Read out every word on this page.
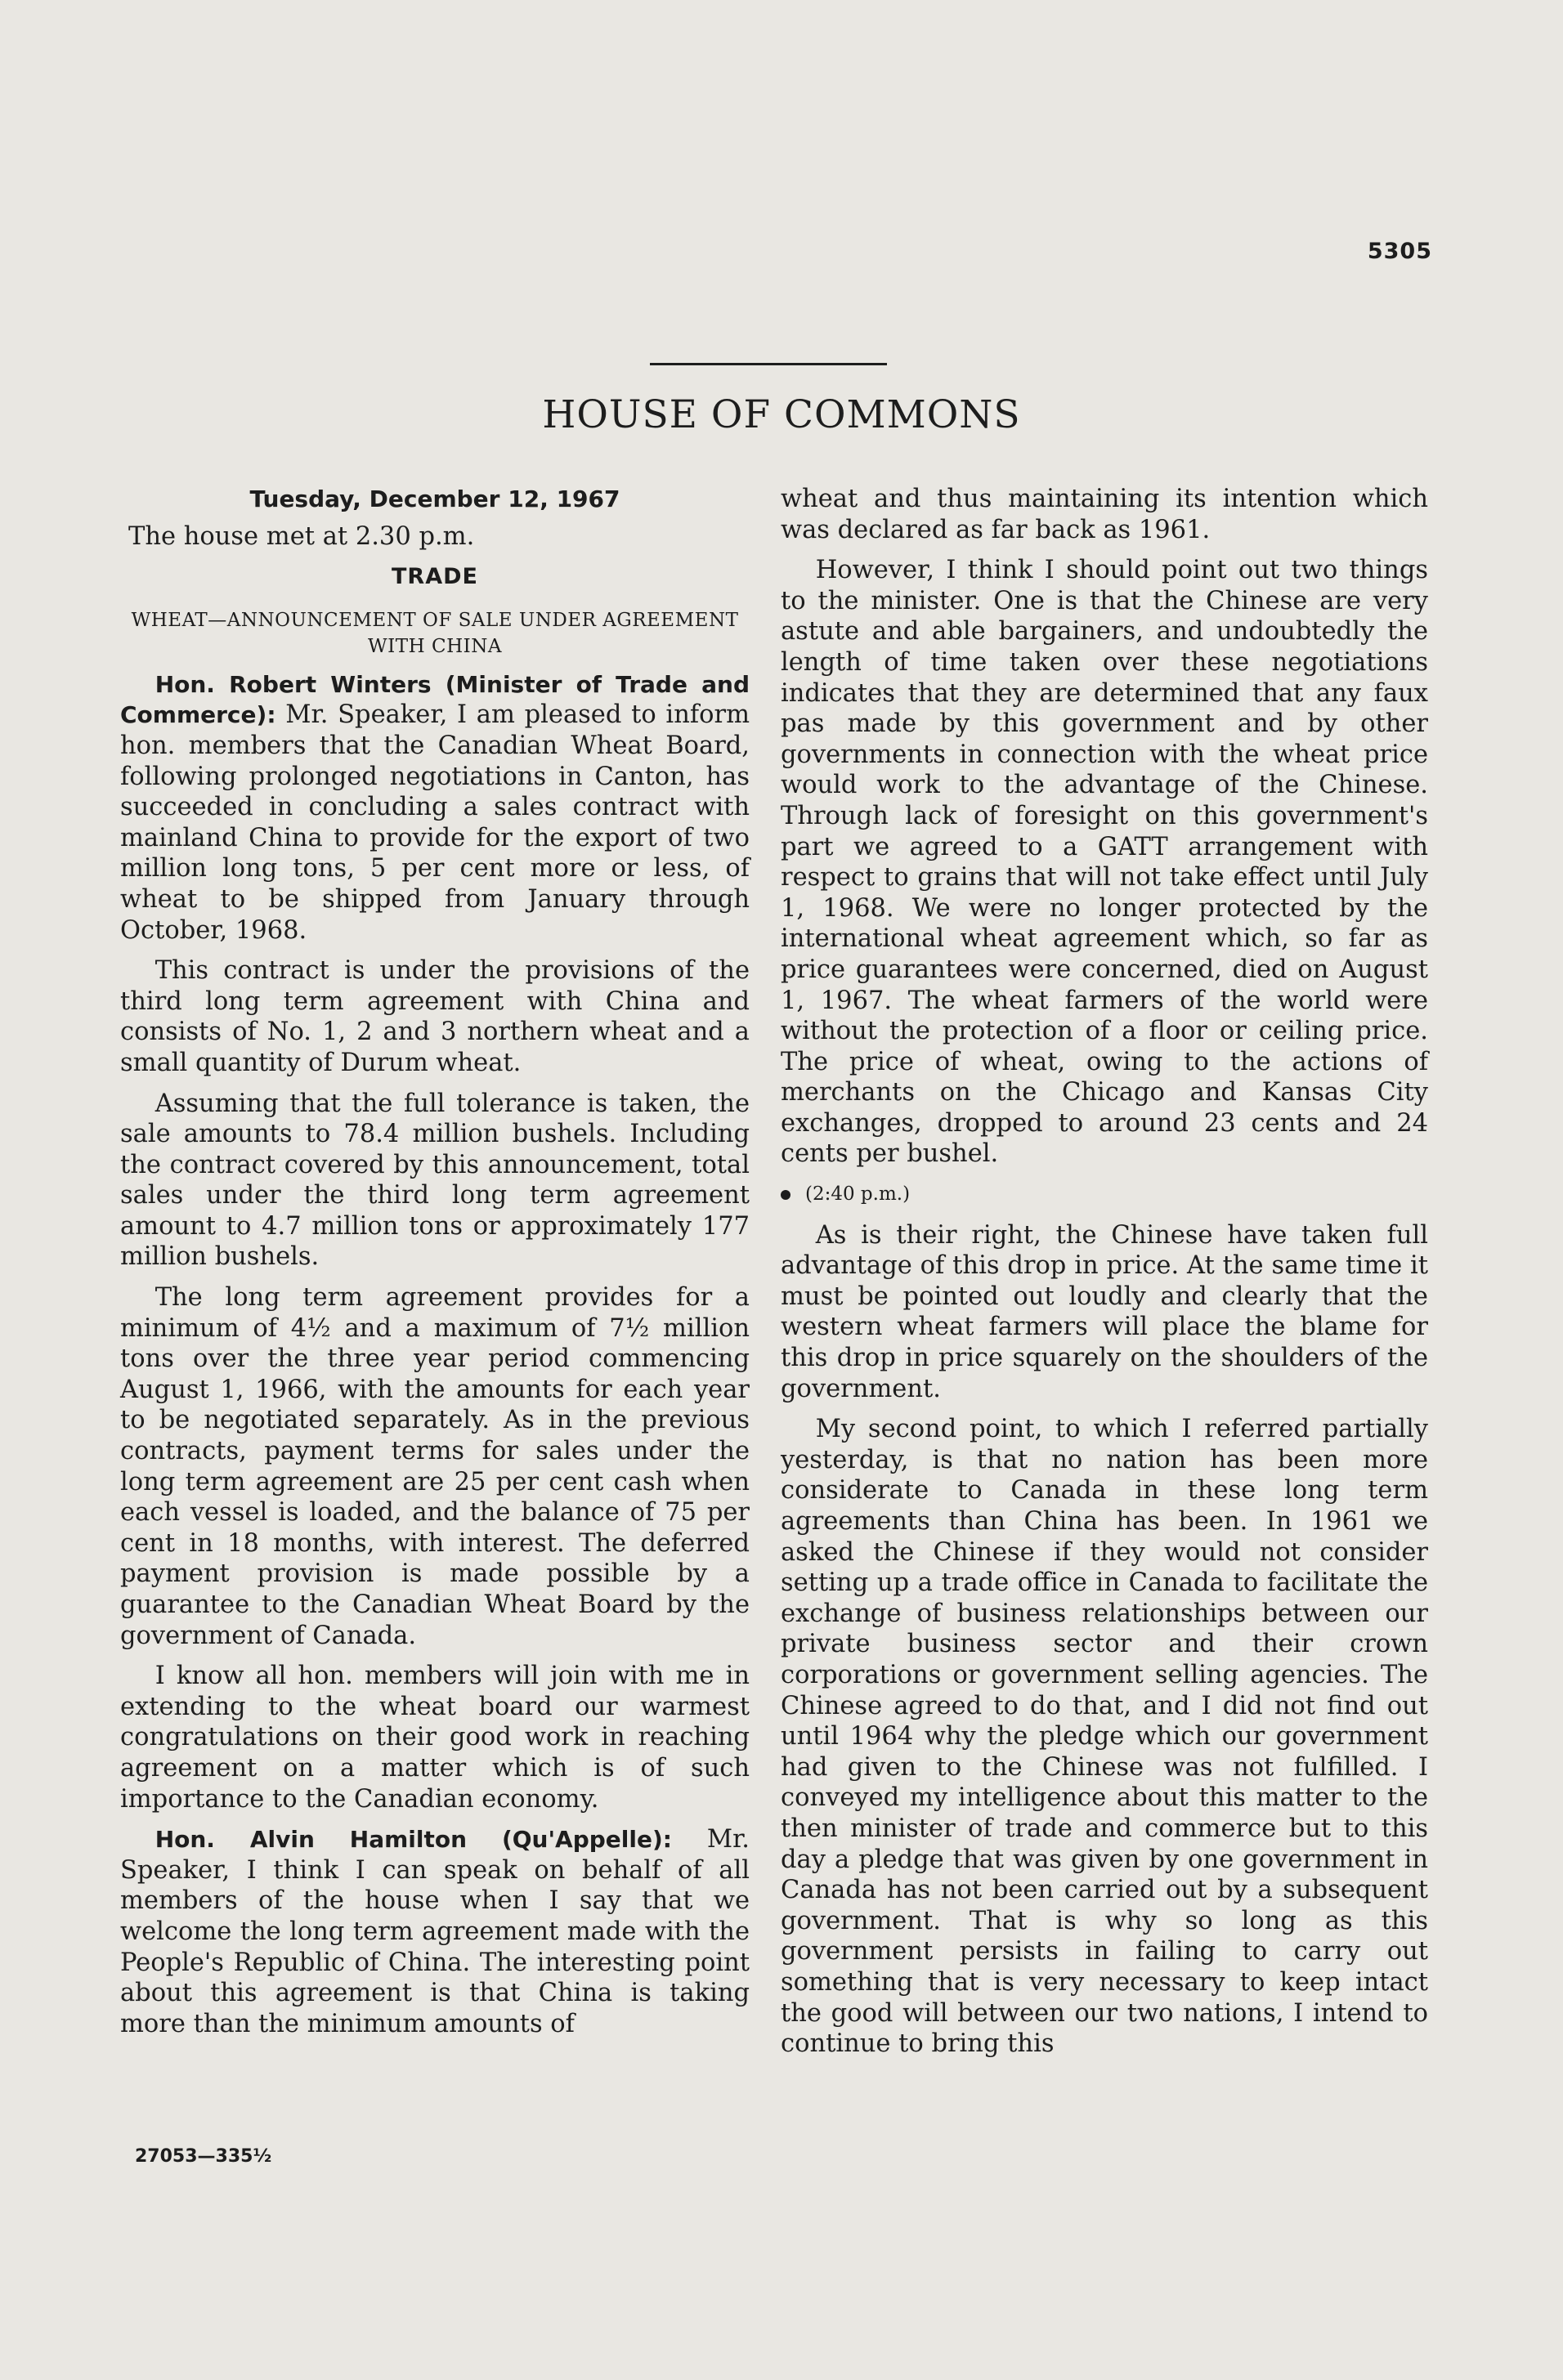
5305
HOUSE OF COMMONS
Tuesday, December 12, 1967

The house met at 2.30 p.m.

TRADE
WHEAT—ANNOUNCEMENT OF SALE UNDER AGREEMENT WITH CHINA

Hon. Robert Winters (Minister of Trade and Commerce): Mr. Speaker, I am pleased to inform hon. members that the Canadian Wheat Board, following prolonged negotiations in Canton, has succeeded in concluding a sales contract with mainland China to provide for the export of two million long tons, 5 per cent more or less, of wheat to be shipped from January through October, 1968.

This contract is under the provisions of the third long term agreement with China and consists of No. 1, 2 and 3 northern wheat and a small quantity of Durum wheat.

Assuming that the full tolerance is taken, the sale amounts to 78.4 million bushels. Including the contract covered by this announcement, total sales under the third long term agreement amount to 4.7 million tons or approximately 177 million bushels.

The long term agreement provides for a minimum of 4½ and a maximum of 7½ million tons over the three year period commencing August 1, 1966, with the amounts for each year to be negotiated separately. As in the previous contracts, payment terms for sales under the long term agreement are 25 per cent cash when each vessel is loaded, and the balance of 75 per cent in 18 months, with interest. The deferred payment provision is made possible by a guarantee to the Canadian Wheat Board by the government of Canada.

I know all hon. members will join with me in extending to the wheat board our warmest congratulations on their good work in reaching agreement on a matter which is of such importance to the Canadian economy.

Hon. Alvin Hamilton (Qu'Appelle): Mr. Speaker, I think I can speak on behalf of all members of the house when I say that we welcome the long term agreement made with the People's Republic of China. The interesting point about this agreement is that China is taking more than the minimum amounts of

wheat and thus maintaining its intention which was declared as far back as 1961.

However, I think I should point out two things to the minister. One is that the Chinese are very astute and able bargainers, and undoubtedly the length of time taken over these negotiations indicates that they are determined that any faux pas made by this government and by other governments in connection with the wheat price would work to the advantage of the Chinese. Through lack of foresight on this government's part we agreed to a GATT arrangement with respect to grains that will not take effect until July 1, 1968. We were no longer protected by the international wheat agreement which, so far as price guarantees were concerned, died on August 1, 1967. The wheat farmers of the world were without the protection of a floor or ceiling price. The price of wheat, owing to the actions of merchants on the Chicago and Kansas City exchanges, dropped to around 23 cents and 24 cents per bushel.

(2:40 p.m.)

As is their right, the Chinese have taken full advantage of this drop in price. At the same time it must be pointed out loudly and clearly that the western wheat farmers will place the blame for this drop in price squarely on the shoulders of the government.

My second point, to which I referred partially yesterday, is that no nation has been more considerate to Canada in these long term agreements than China has been. In 1961 we asked the Chinese if they would not consider setting up a trade office in Canada to facilitate the exchange of business relationships between our private business sector and their crown corporations or government selling agencies. The Chinese agreed to do that, and I did not find out until 1964 why the pledge which our government had given to the Chinese was not fulfilled. I conveyed my intelligence about this matter to the then minister of trade and commerce but to this day a pledge that was given by one government in Canada has not been carried out by a subsequent government. That is why so long as this government persists in failing to carry out something that is very necessary to keep intact the good will between our two nations, I intend to continue to bring this

27053—335½
